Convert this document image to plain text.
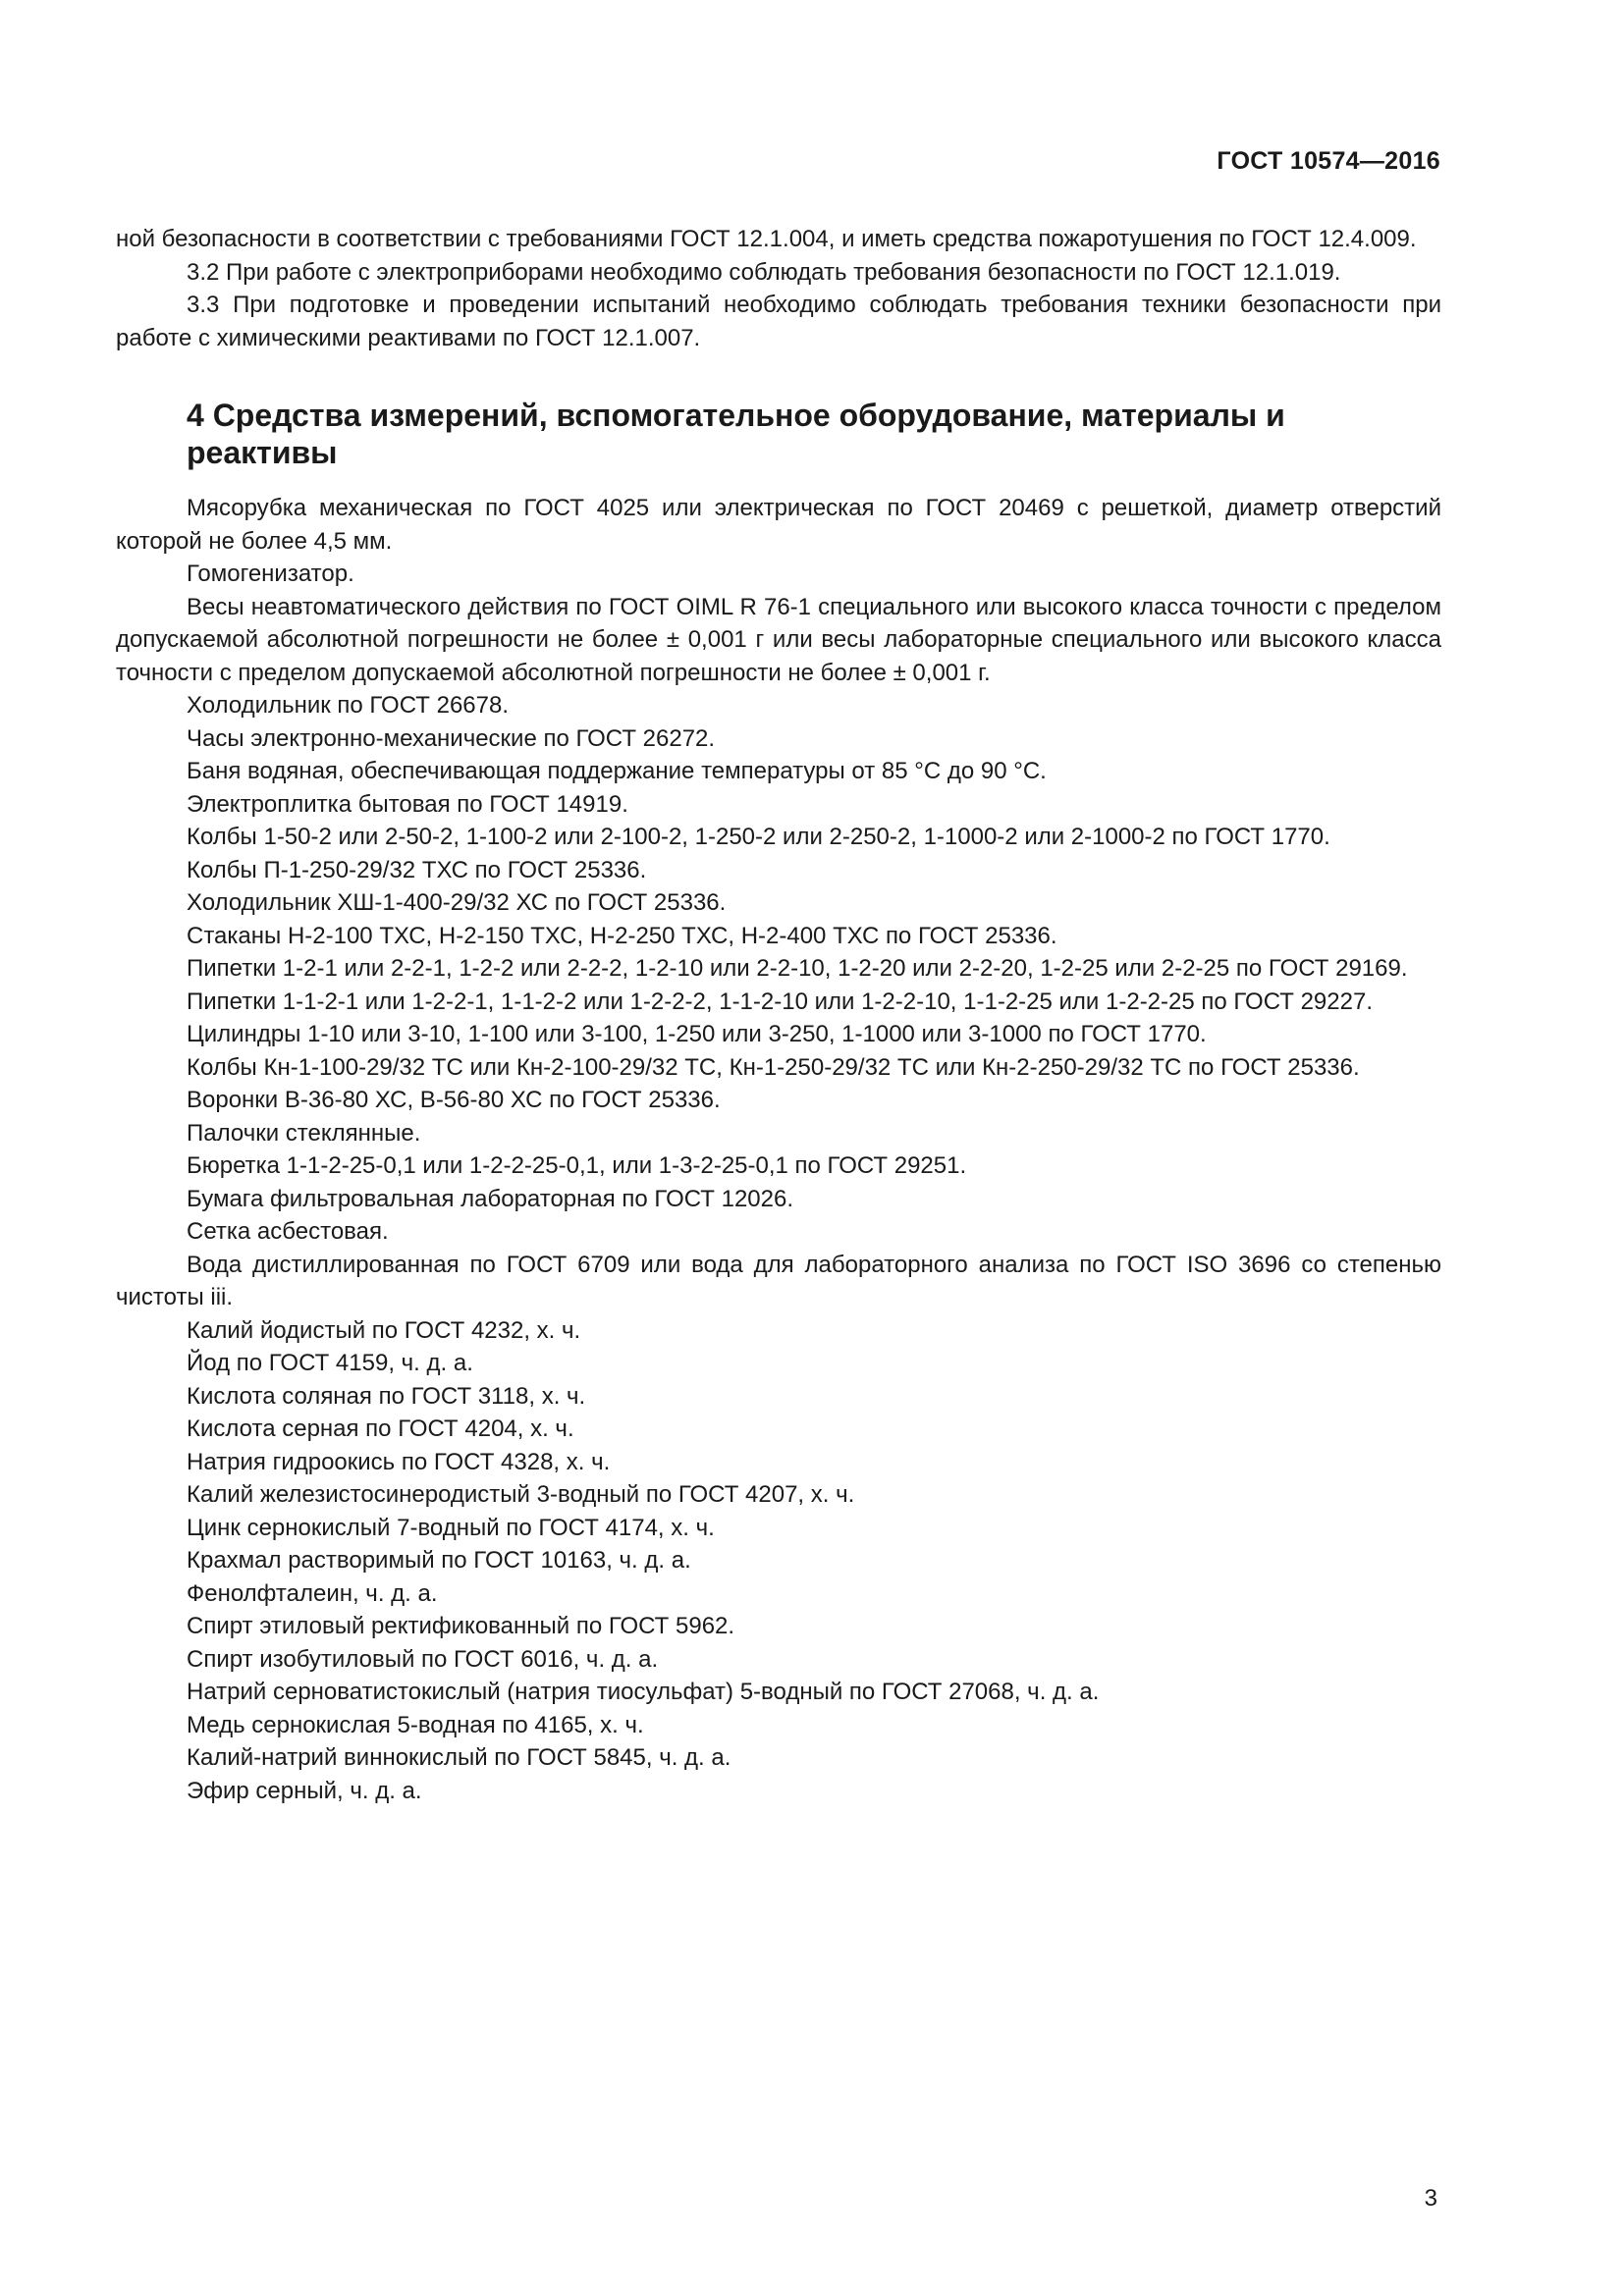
ГОСТ 10574—2016

ной безопасности в соответствии с требованиями ГОСТ 12.1.004, и иметь средства пожаротушения по ГОСТ 12.4.009.

3.2 При работе с электроприборами необходимо соблюдать требования безопасности по ГОСТ 12.1.019.

3.3 При подготовке и проведении испытаний необходимо соблюдать требования техники безопасности при работе с химическими реактивами по ГОСТ 12.1.007.

4 Средства измерений, вспомогательное оборудование, материалы и реактивы

Мясорубка механическая по ГОСТ 4025 или электрическая по ГОСТ 20469 с решеткой, диаметр отверстий которой не более 4,5 мм.

Гомогенизатор.

Весы неавтоматического действия по ГОСТ OIML R 76-1 специального или высокого класса точности с пределом допускаемой абсолютной погрешности не более ± 0,001 г или весы лабораторные специального или высокого класса точности с пределом допускаемой абсолютной погрешности не более ± 0,001 г.

Холодильник по ГОСТ 26678.

Часы электронно-механические по ГОСТ 26272.

Баня водяная, обеспечивающая поддержание температуры от 85 °С до 90 °С.

Электроплитка бытовая по ГОСТ 14919.

Колбы 1-50-2 или 2-50-2, 1-100-2 или 2-100-2, 1-250-2 или 2-250-2, 1-1000-2 или 2-1000-2 по ГОСТ 1770.

Колбы П-1-250-29/32 ТХС по ГОСТ 25336.

Холодильник ХШ-1-400-29/32 ХС по ГОСТ 25336.

Стаканы Н-2-100 ТХС, Н-2-150 ТХС, Н-2-250 ТХС, Н-2-400 ТХС по ГОСТ 25336.

Пипетки 1-2-1 или 2-2-1, 1-2-2 или 2-2-2, 1-2-10 или 2-2-10, 1-2-20 или 2-2-20, 1-2-25 или 2-2-25 по ГОСТ 29169.

Пипетки 1-1-2-1 или 1-2-2-1, 1-1-2-2 или 1-2-2-2, 1-1-2-10 или 1-2-2-10, 1-1-2-25 или 1-2-2-25 по ГОСТ 29227.

Цилиндры 1-10 или 3-10, 1-100 или 3-100, 1-250 или 3-250, 1-1000 или 3-1000 по ГОСТ 1770.

Колбы Кн-1-100-29/32 ТС или Кн-2-100-29/32 ТС, Кн-1-250-29/32 ТС или Кн-2-250-29/32 ТС по ГОСТ 25336.

Воронки В-36-80 ХС, В-56-80 ХС по ГОСТ 25336.

Палочки стеклянные.

Бюретка 1-1-2-25-0,1 или 1-2-2-25-0,1, или 1-3-2-25-0,1 по ГОСТ 29251.

Бумага фильтровальная лабораторная по ГОСТ 12026.

Сетка асбестовая.

Вода дистиллированная по ГОСТ 6709 или вода для лабораторного анализа по ГОСТ ISO 3696 со степенью чистоты iii.

Калий йодистый по ГОСТ 4232, х. ч.

Йод по ГОСТ 4159, ч. д. а.

Кислота соляная по ГОСТ 3118, х. ч.

Кислота серная по ГОСТ 4204, х. ч.

Натрия гидроокись по ГОСТ 4328, х. ч.

Калий железистосинеродистый 3-водный по ГОСТ 4207, х. ч.

Цинк сернокислый 7-водный по ГОСТ 4174, х. ч.

Крахмал растворимый по ГОСТ 10163, ч. д. а.

Фенолфталеин, ч. д. а.

Спирт этиловый ректификованный по ГОСТ 5962.

Спирт изобутиловый по ГОСТ 6016, ч. д. а.

Натрий серноватистокислый (натрия тиосульфат) 5-водный по ГОСТ 27068, ч. д. а.

Медь сернокислая 5-водная по 4165, х. ч.

Калий-натрий виннокислый по ГОСТ 5845, ч. д. а.

Эфир серный, ч. д. а.

3
